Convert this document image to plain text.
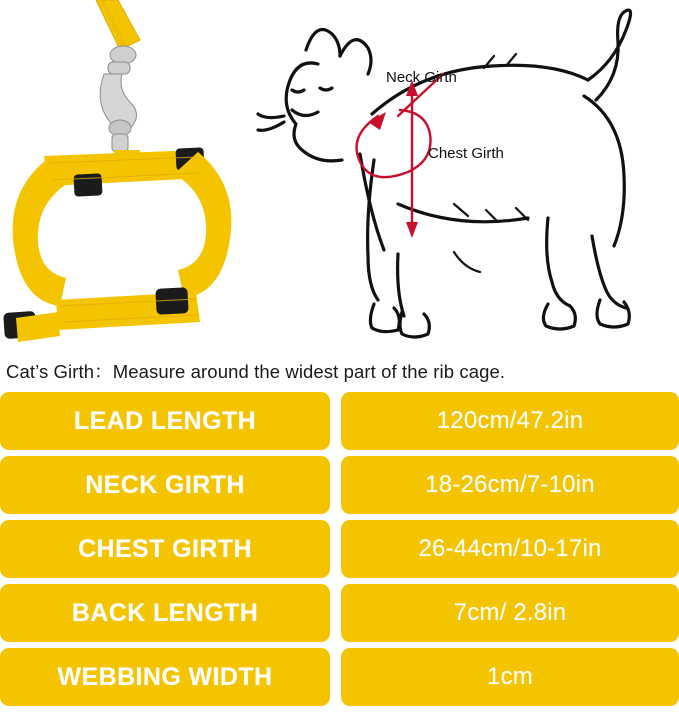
Neck Girth
Chest Girth
Cat’s Girth：Measure around the widest part of the rib cage.
LEAD LENGTH	120cm/47.2in
NECK GIRTH	18-26cm/7-10in
CHEST GIRTH	26-44cm/10-17in
BACK LENGTH	7cm/ 2.8in
WEBBING WIDTH	1cm
